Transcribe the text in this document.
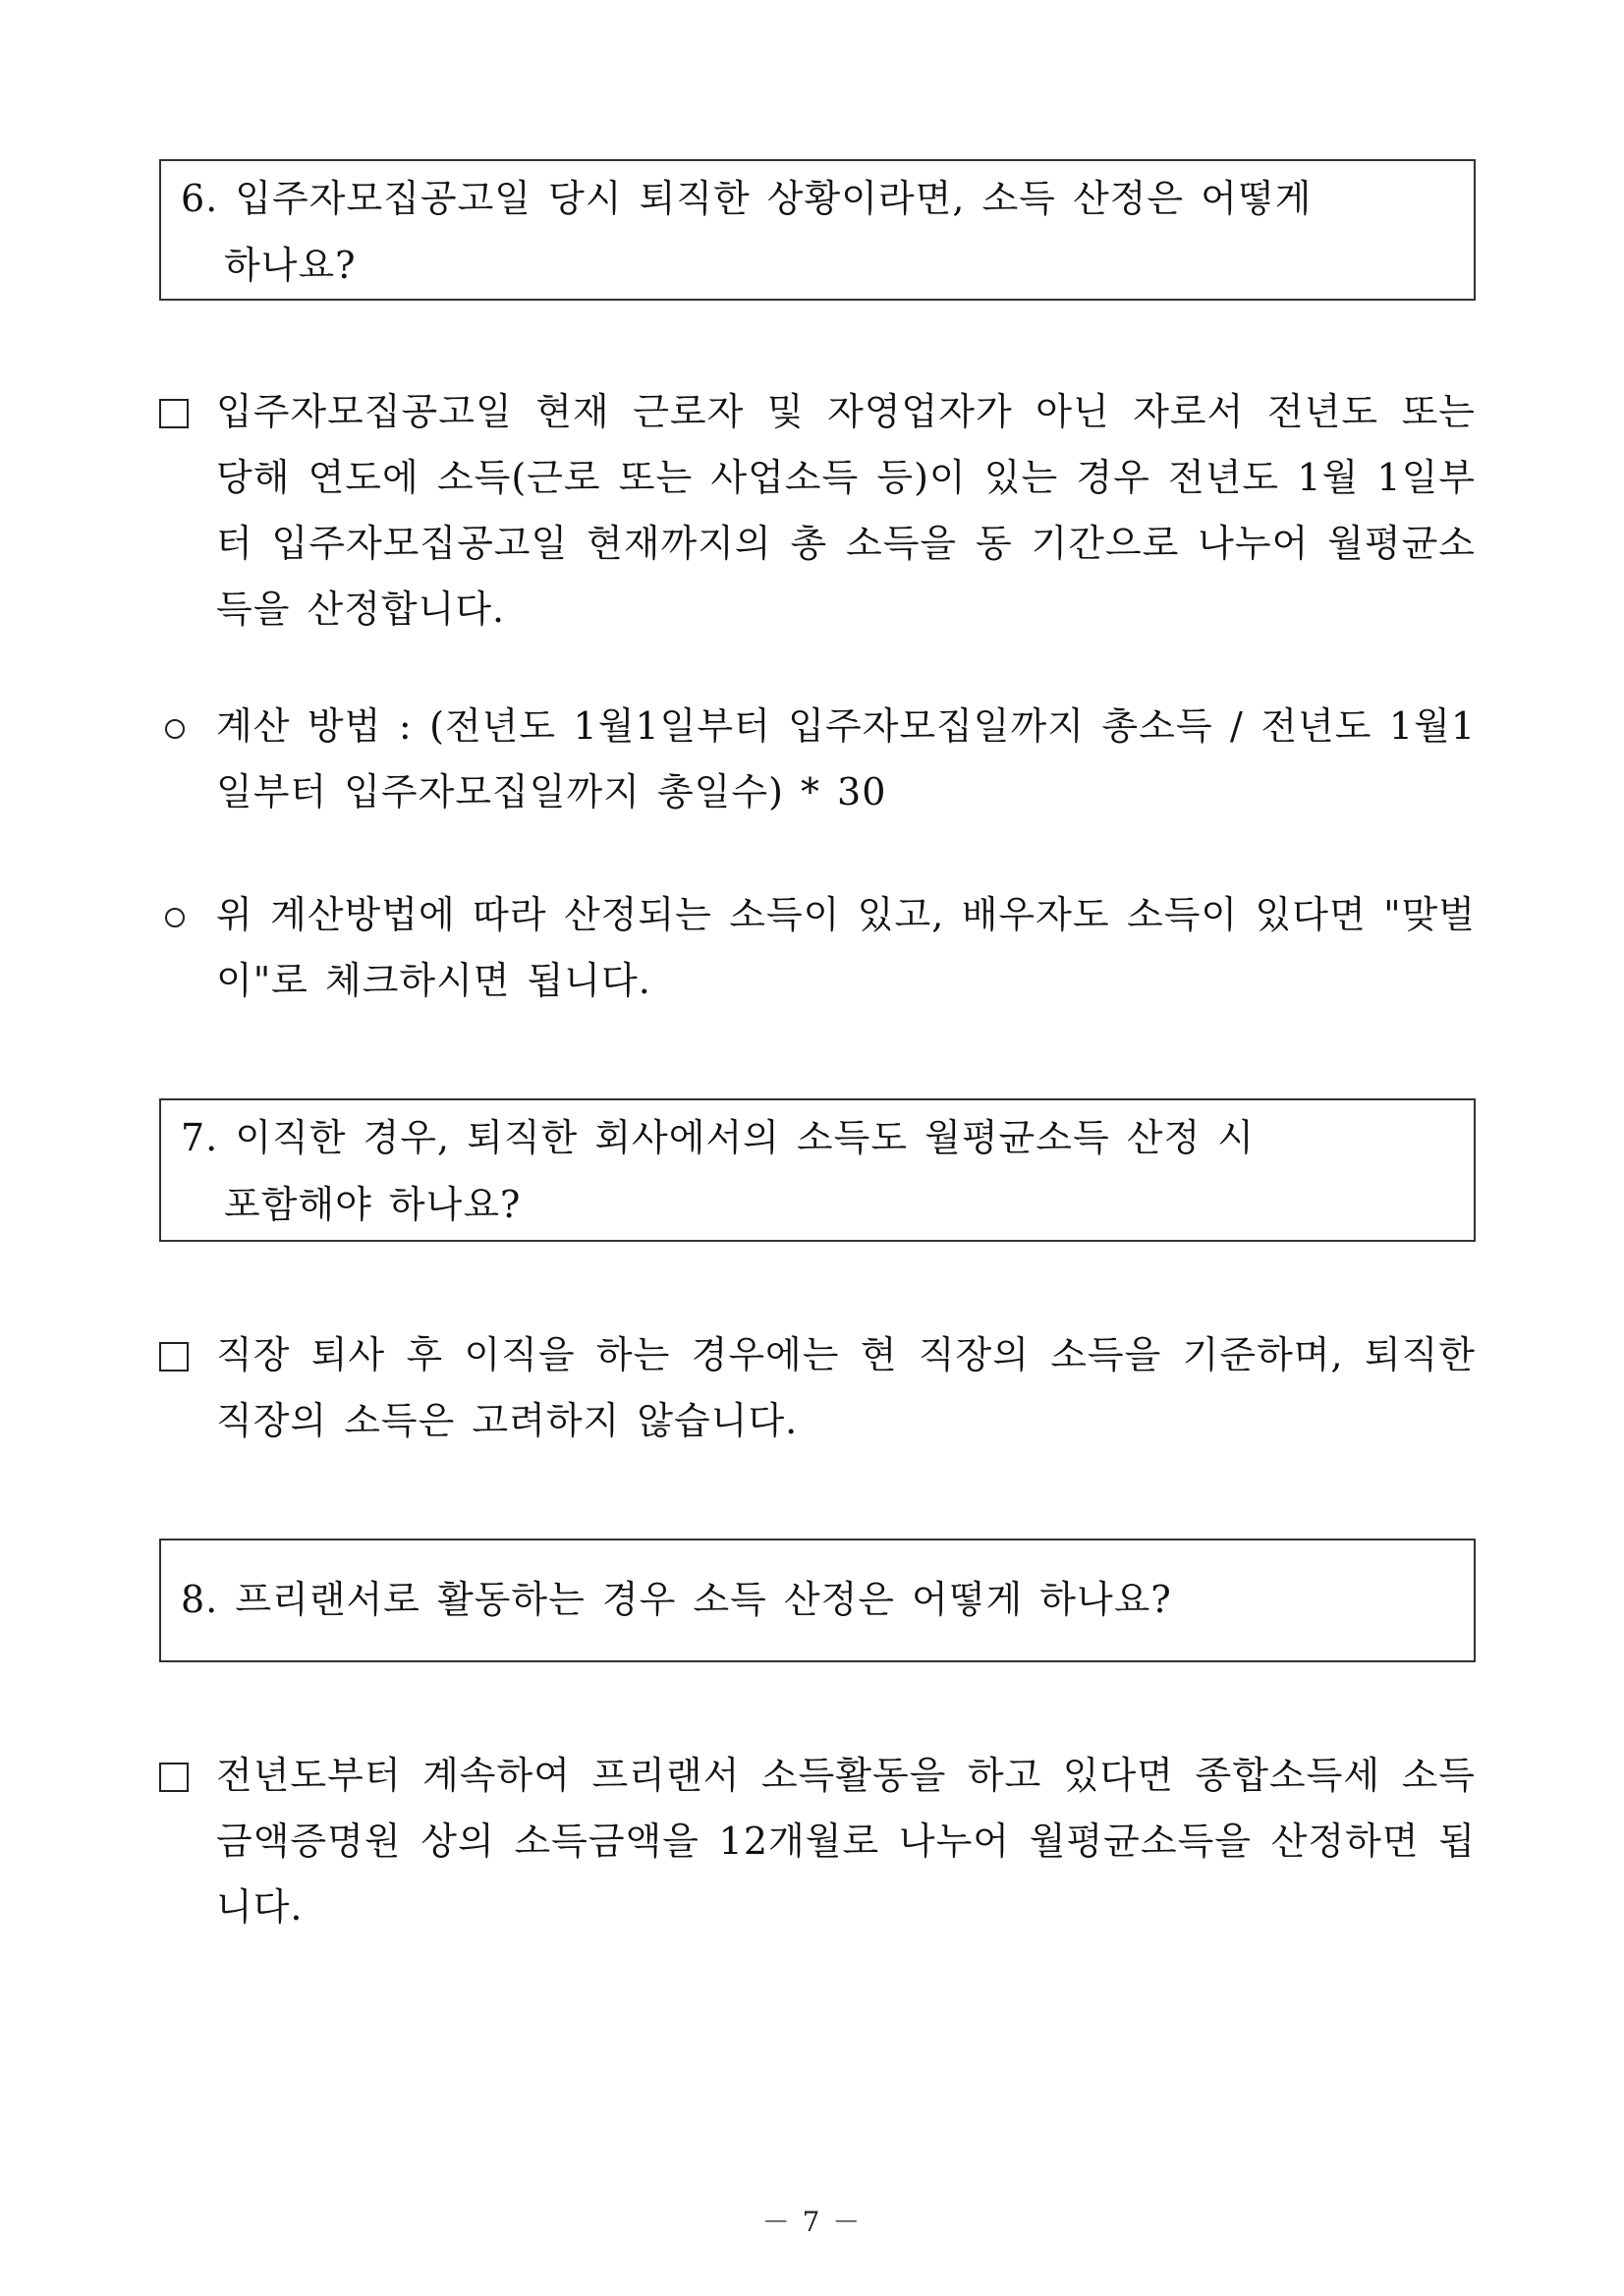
6. 입주자모집공고일 당시 퇴직한 상황이라면, 소득 산정은 어떻게
하나요?
입주자모집공고일 현재 근로자 및 자영업자가 아닌 자로서 전년도 또는 당해 연도에 소득(근로 또는 사업소득 등)이 있는 경우 전년도 1월 1일부터 입주자모집공고일 현재까지의 총 소득을 동 기간으로 나누어 월평균소득을 산정합니다.
계산 방법 : (전년도 1월1일부터 입주자모집일까지 총소득 / 전년도 1월1일부터 입주자모집일까지 총일수) * 30
위 계산방법에 따라 산정되는 소득이 있고, 배우자도 소득이 있다면 "맞벌이"로 체크하시면 됩니다.
7. 이직한 경우, 퇴직한 회사에서의 소득도 월평균소득 산정 시
포함해야 하나요?
직장 퇴사 후 이직을 하는 경우에는 현 직장의 소득을 기준하며, 퇴직한 직장의 소득은 고려하지 않습니다.
8. 프리랜서로 활동하는 경우 소득 산정은 어떻게 하나요?
전년도부터 계속하여 프리랜서 소득활동을 하고 있다면 종합소득세 소득금액증명원 상의 소득금액을 12개월로 나누어 월평균소득을 산정하면 됩니다.
－ 7 －
